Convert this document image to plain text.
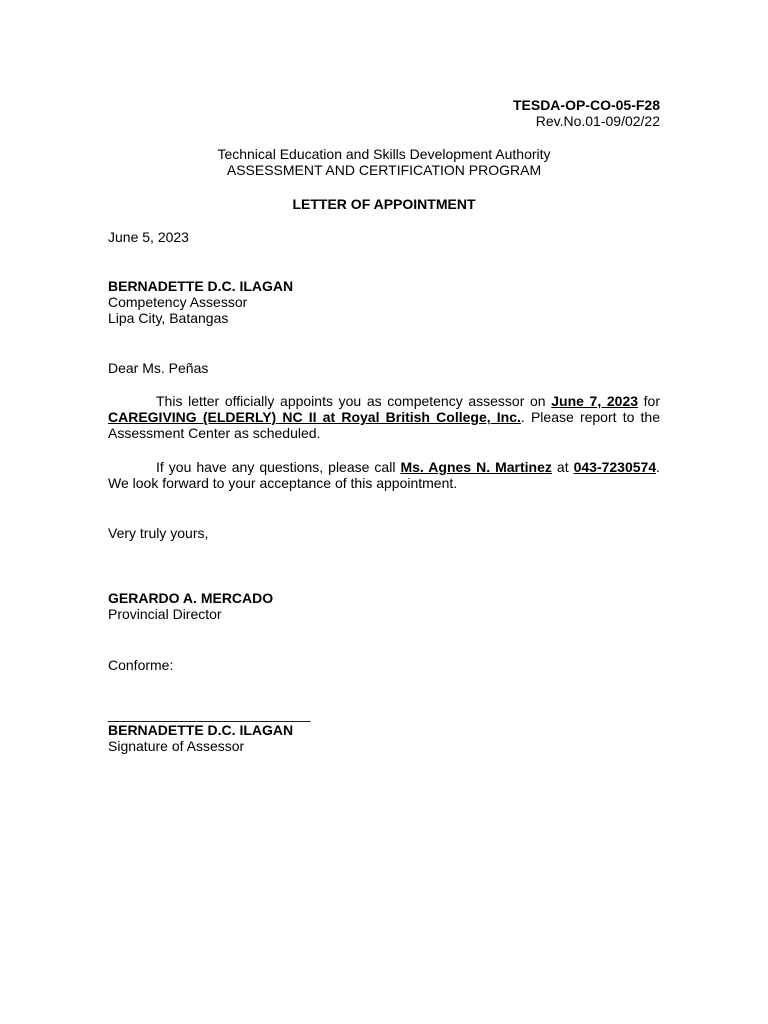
TESDA-OP-CO-05-F28
Rev.No.01-09/02/22
Technical Education and Skills Development Authority
ASSESSMENT AND CERTIFICATION PROGRAM
LETTER OF APPOINTMENT
June 5, 2023
BERNADETTE D.C. ILAGAN
Competency Assessor
Lipa City, Batangas
Dear Ms. Peñas
This letter officially appoints you as competency assessor on June 7, 2023 for CAREGIVING (ELDERLY) NC II at Royal British College, Inc.. Please report to the Assessment Center as scheduled.
If you have any questions, please call Ms. Agnes N. Martinez at 043-7230574. We look forward to your acceptance of this appointment.
Very truly yours,
GERARDO A. MERCADO
Provincial Director
Conforme:
__________________________
BERNADETTE D.C. ILAGAN
Signature of Assessor
